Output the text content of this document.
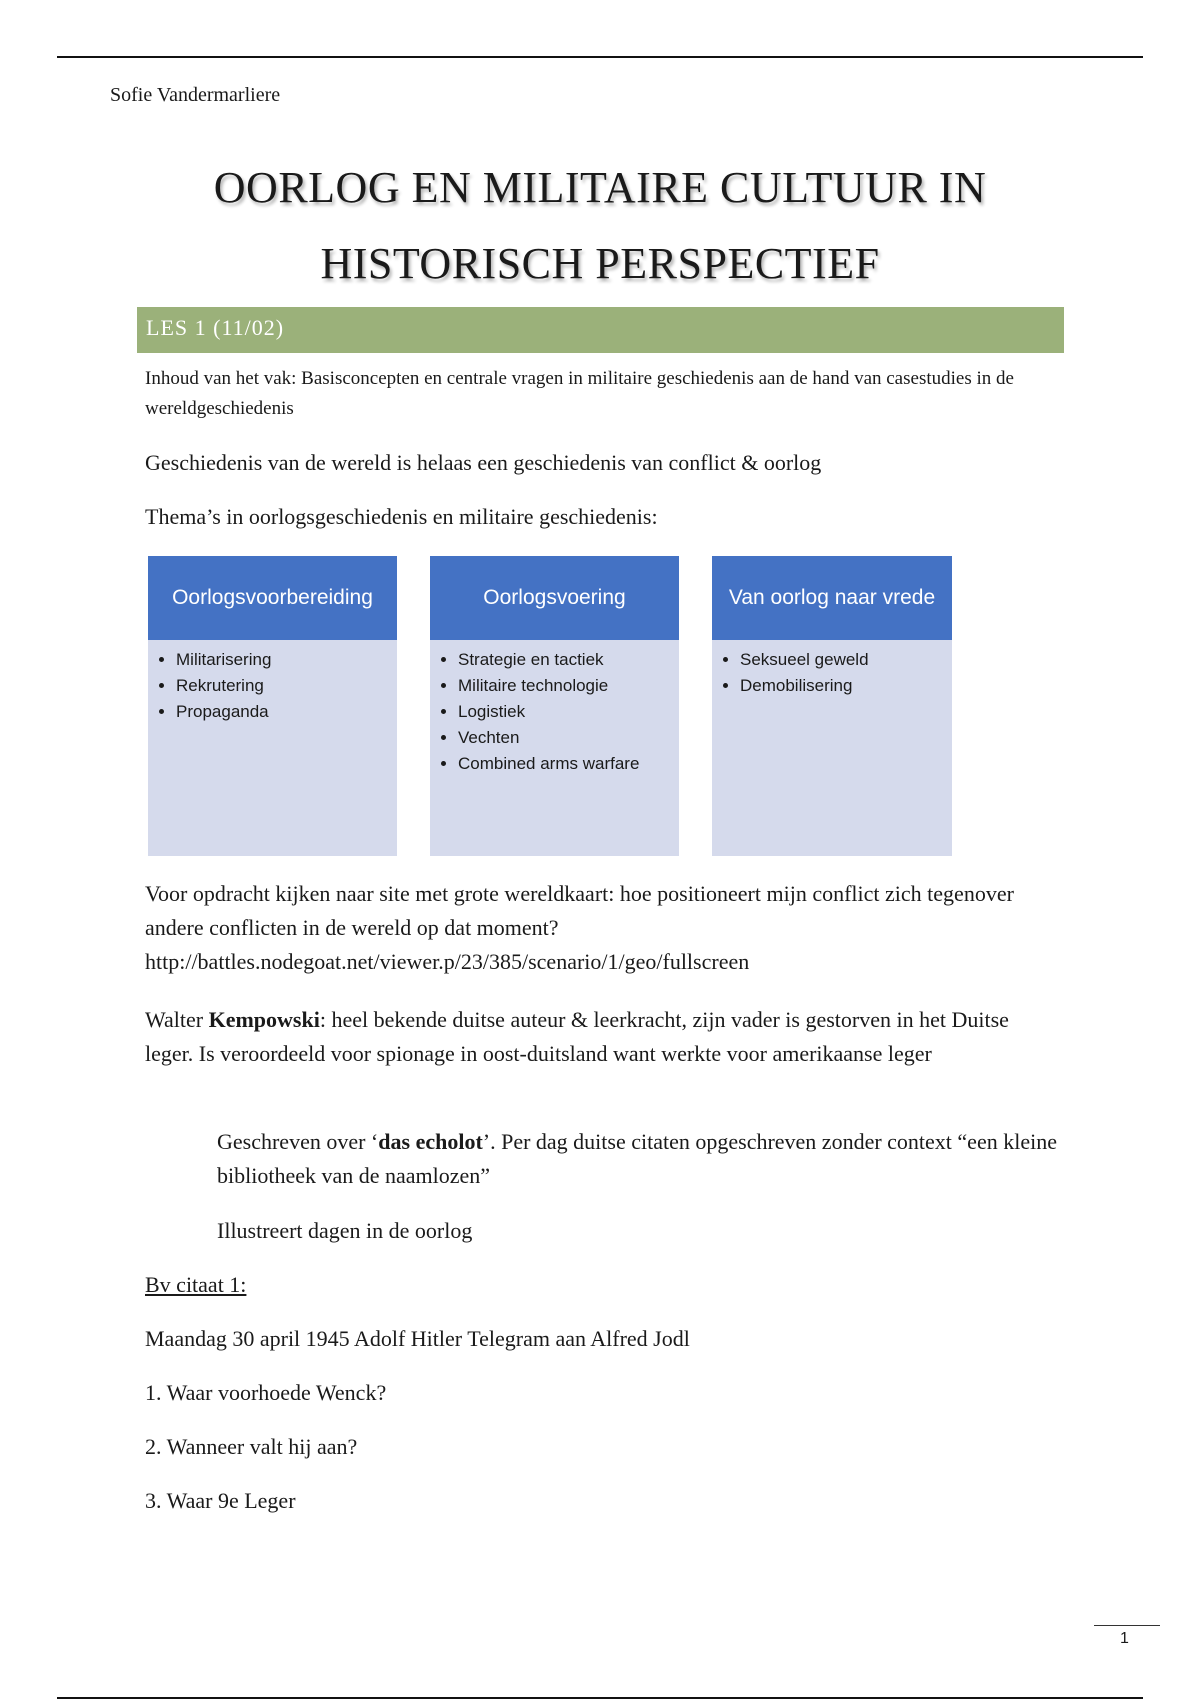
Sofie Vandermarliere
OORLOG EN MILITAIRE CULTUUR IN
HISTORISCH PERSPECTIEF
LES 1 (11/02)
Inhoud van het vak: Basisconcepten en centrale vragen in militaire geschiedenis aan de hand van casestudies in de wereldgeschiedenis
Geschiedenis van de wereld is helaas een geschiedenis van conflict & oorlog
Thema’s in oorlogsgeschiedenis en militaire geschiedenis:
Oorlogsvoorbereiding
• Militarisering
• Rekrutering
• Propaganda
Oorlogsvoering
• Strategie en tactiek
• Militaire technologie
• Logistiek
• Vechten
• Combined arms warfare
Van oorlog naar vrede
• Seksueel geweld
• Demobilisering
Voor opdracht kijken naar site met grote wereldkaart: hoe positioneert mijn conflict zich tegenover andere conflicten in de wereld op dat moment? http://battles.nodegoat.net/viewer.p/23/385/scenario/1/geo/fullscreen
Walter Kempowski: heel bekende duitse auteur & leerkracht, zijn vader is gestorven in het Duitse leger. Is veroordeeld voor spionage in oost-duitsland want werkte voor amerikaanse leger
Geschreven over ‘das echolot’. Per dag duitse citaten opgeschreven zonder context “een kleine bibliotheek van de naamlozen”
Illustreert dagen in de oorlog
Bv citaat 1:
Maandag 30 april 1945 Adolf Hitler Telegram aan Alfred Jodl
1. Waar voorhoede Wenck?
2. Wanneer valt hij aan?
3. Waar 9e Leger
1
